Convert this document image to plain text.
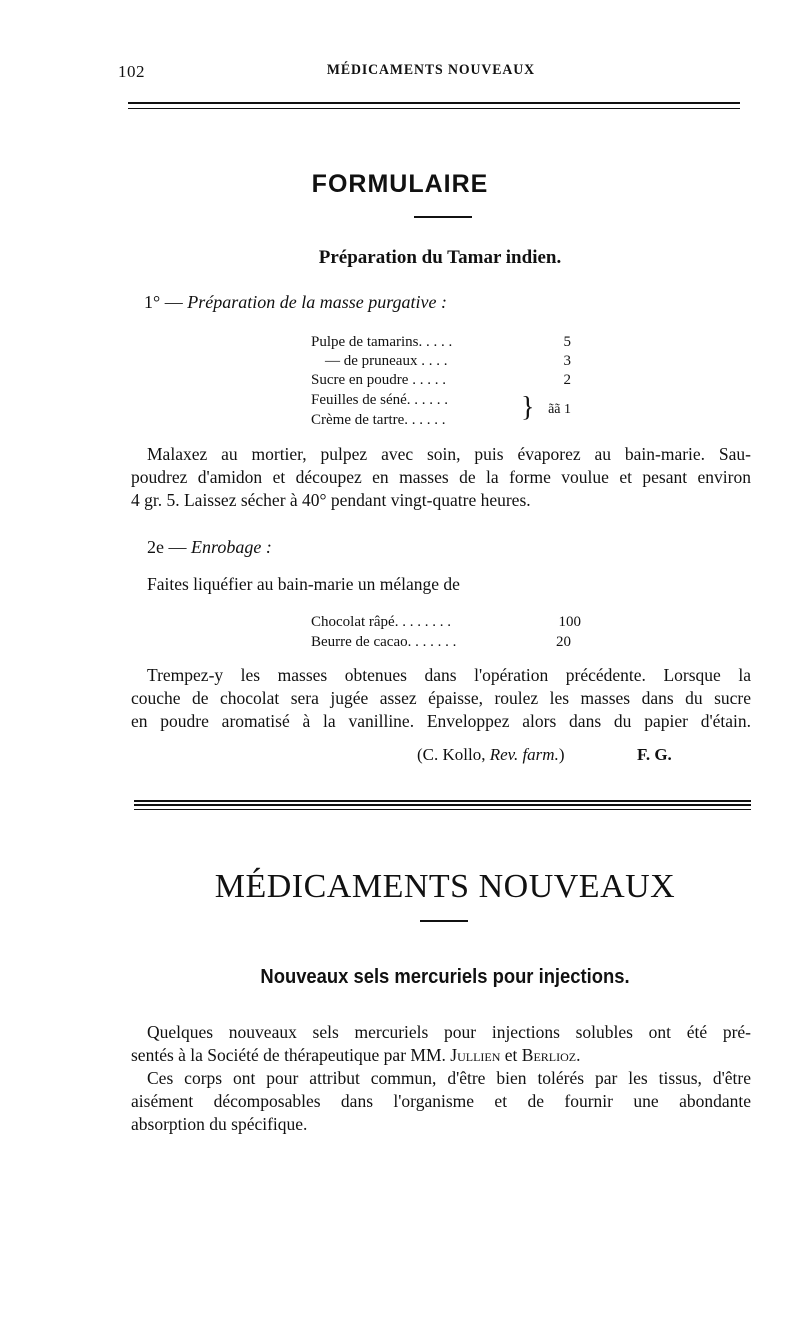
102	MÉDICAMENTS NOUVEAUX
FORMULAIRE
Préparation du Tamar indien.
1° — Préparation de la masse purgative :
Pulpe de tamarins. . . . .	5
— de pruneaux . . . .	3
Sucre en poudre . . . . .	2
Feuilles de séné. . . . . .
Crème de tartre. . . . . .	} ãã 1
Malaxez au mortier, pulpez avec soin, puis évaporez au bain-marie. Sau-
poudrez d'amidon et découpez en masses de la forme voulue et pesant environ
4 gr. 5. Laissez sécher à 40° pendant vingt-quatre heures.
2e — Enrobage :
Faites liquéfier au bain-marie un mélange de
Chocolat râpé. . . . . . . .	100
Beurre de cacao. . . . . . .	20
Trempez-y les masses obtenues dans l'opération précédente. Lorsque la
couche de chocolat sera jugée assez épaisse, roulez les masses dans du sucre
en poudre aromatisé à la vanilline. Enveloppez alors dans du papier d'étain.
(C. Kollo, Rev. farm.)	F. G.
MÉDICAMENTS NOUVEAUX
Nouveaux sels mercuriels pour injections.
Quelques nouveaux sels mercuriels pour injections solubles ont été pré-
sentés à la Société de thérapeutique par MM. Jullien et Berlioz.
Ces corps ont pour attribut commun, d'être bien tolérés par les tissus, d'être
aisément décomposables dans l'organisme et de fournir une abondante
absorption du spécifique.
